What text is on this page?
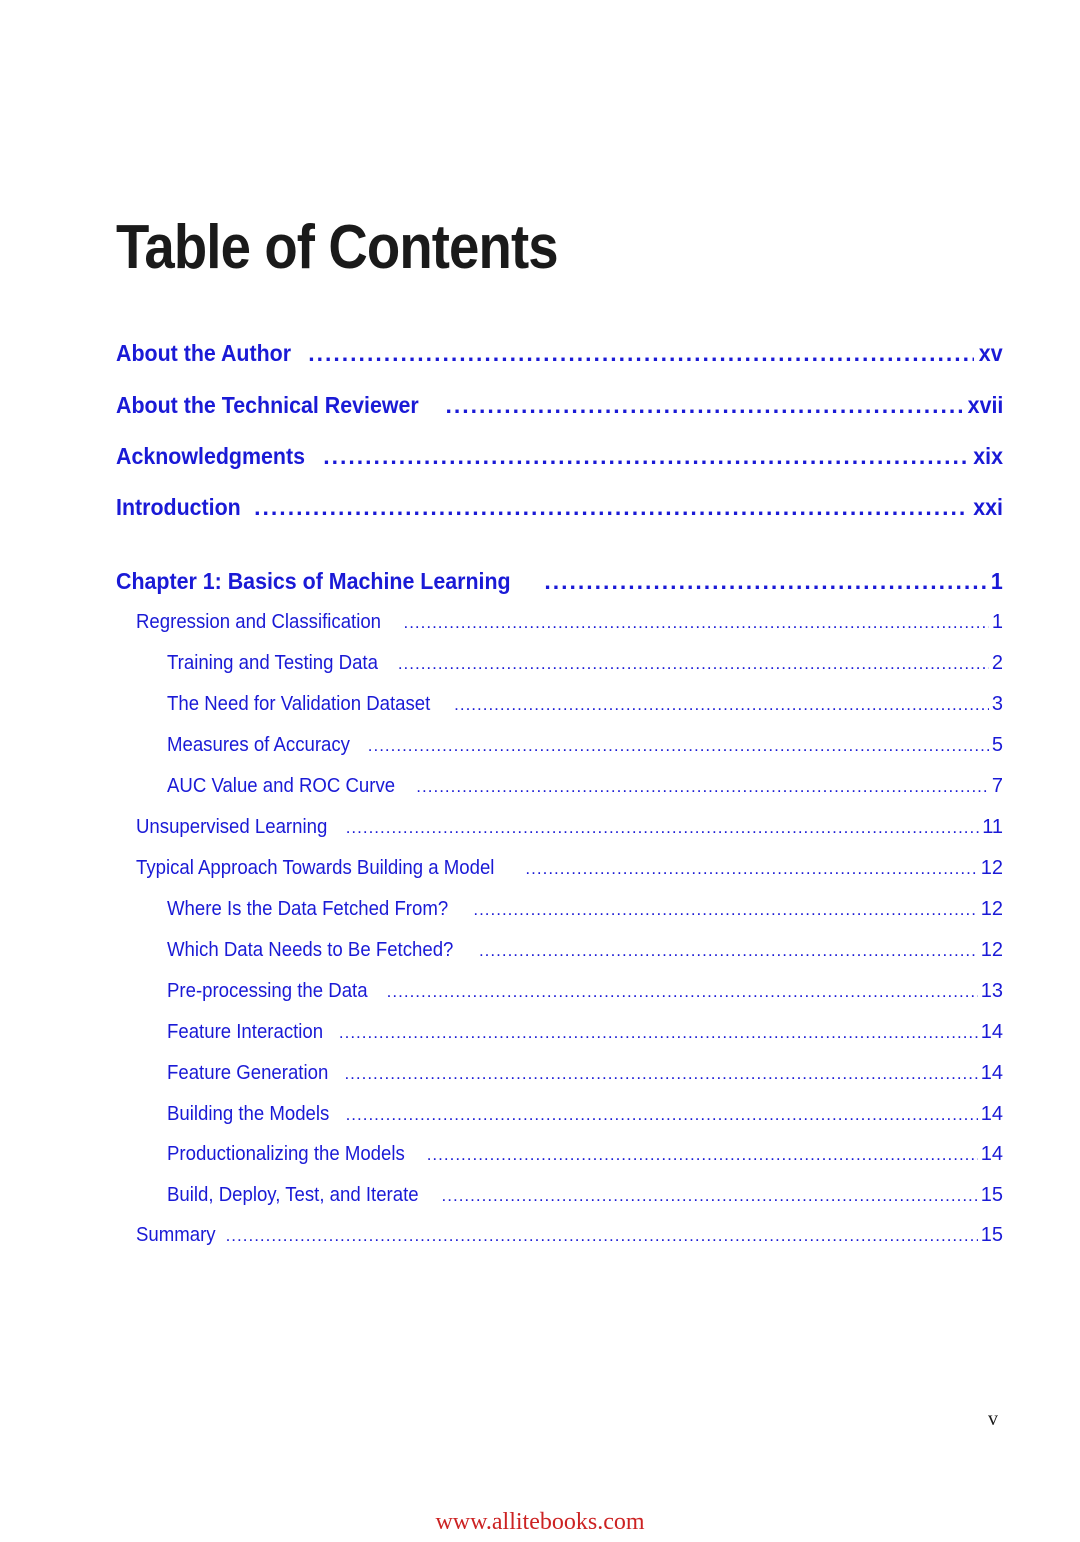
Table of Contents
About the Author .....	xv
About the Technical Reviewer .....	xvii
Acknowledgments .....	xix
Introduction .....	xxi
Chapter 1: Basics of Machine Learning .....	1
Regression and Classification .....	1
Training and Testing Data .....	2
The Need for Validation Dataset .....	3
Measures of Accuracy .....	5
AUC Value and ROC Curve .....	7
Unsupervised Learning .....	11
Typical Approach Towards Building a Model .....	12
Where Is the Data Fetched From? .....	12
Which Data Needs to Be Fetched? .....	12
Pre-processing the Data .....	13
Feature Interaction .....	14
Feature Generation .....	14
Building the Models .....	14
Productionalizing the Models .....	14
Build, Deploy, Test, and Iterate .....	15
Summary .....	15
v
www.allitebooks.com
